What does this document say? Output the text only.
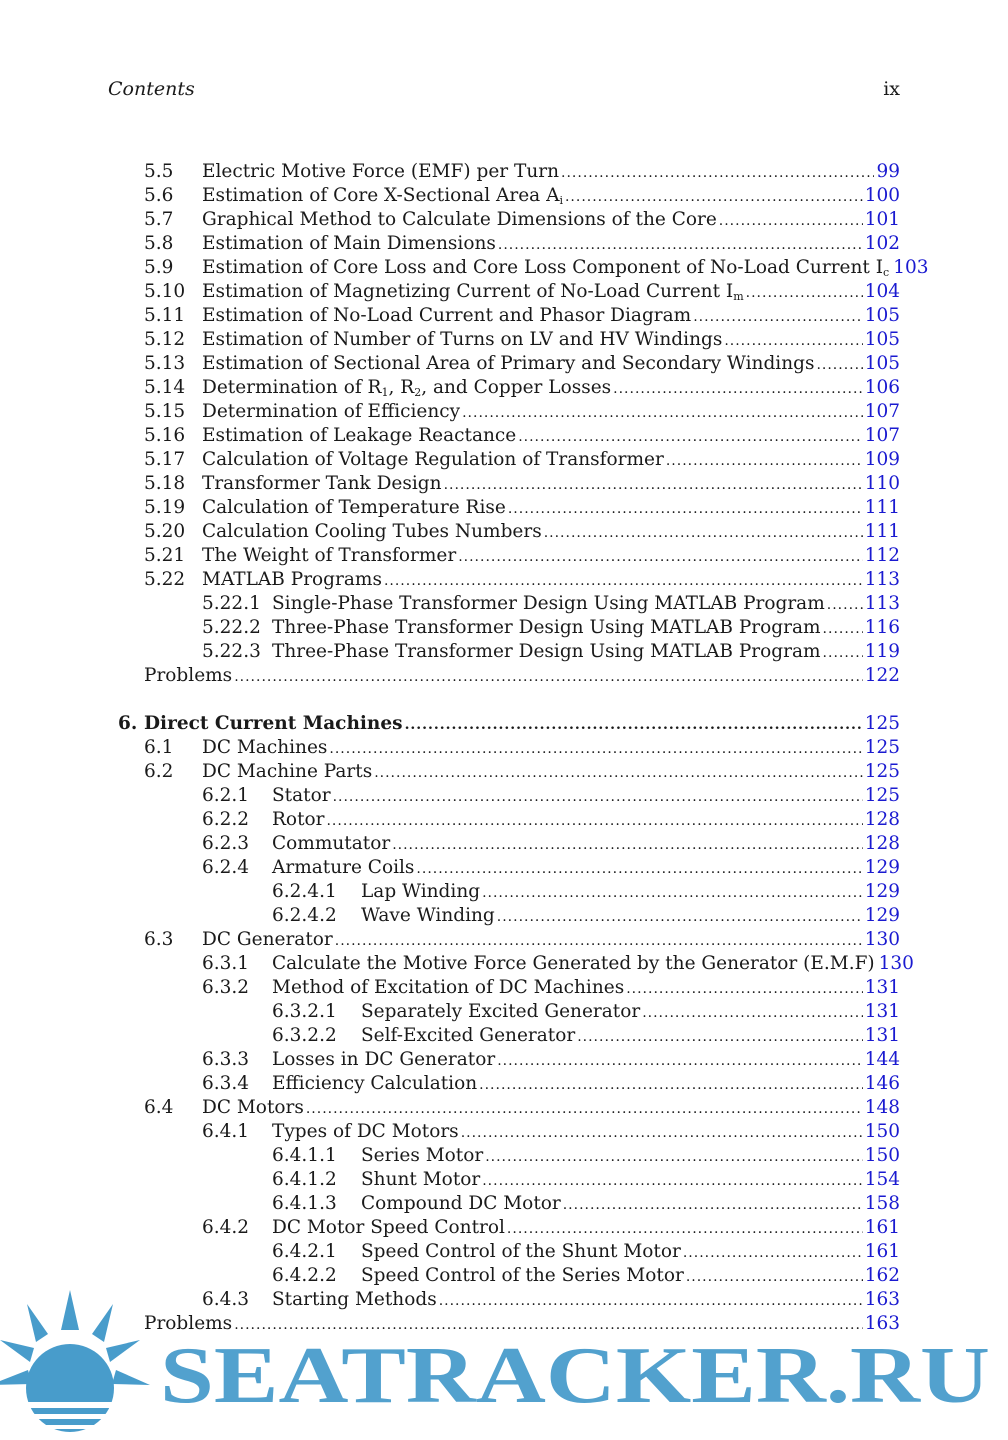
Contents	ix
5.5 Electric Motive Force (EMF) per Turn .....	99
5.6 Estimation of Core X-Sectional Area $A_i$ .....	100
5.7 Graphical Method to Calculate Dimensions of the Core .....	101
5.8 Estimation of Main Dimensions .....	102
5.9 Estimation of Core Loss and Core Loss Component of No-Load Current $I_c$ 103
5.10 Estimation of Magnetizing Current of No-Load Current $I_m$ .....	104
5.11 Estimation of No-Load Current and Phasor Diagram .....	105
5.12 Estimation of Number of Turns on LV and HV Windings .....	105
5.13 Estimation of Sectional Area of Primary and Secondary Windings .....	105
5.14 Determination of $R_1$, $R_2$, and Copper Losses .....	106
5.15 Determination of Efficiency .....	107
5.16 Estimation of Leakage Reactance .....	107
5.17 Calculation of Voltage Regulation of Transformer .....	109
5.18 Transformer Tank Design .....	110
5.19 Calculation of Temperature Rise .....	111
5.20 Calculation Cooling Tubes Numbers .....	111
5.21 The Weight of Transformer .....	112
5.22 MATLAB Programs .....	113
5.22.1 Single-Phase Transformer Design Using MATLAB Program ..... 113
5.22.2 Three-Phase Transformer Design Using MATLAB Program ..... 116
5.22.3 Three-Phase Transformer Design Using MATLAB Program ..... 119
Problems .....	122
6. Direct Current Machines .....	125
6.1 DC Machines .....	125
6.2 DC Machine Parts .....	125
6.2.1 Stator .....	125
6.2.2 Rotor .....	128
6.2.3 Commutator .....	128
6.2.4 Armature Coils .....	129
6.2.4.1 Lap Winding .....	129
6.2.4.2 Wave Winding .....	129
6.3 DC Generator .....	130
6.3.1 Calculate the Motive Force Generated by the Generator (E.M.F) 130
6.3.2 Method of Excitation of DC Machines .....	131
6.3.2.1 Separately Excited Generator .....	131
6.3.2.2 Self-Excited Generator .....	131
6.3.3 Losses in DC Generator .....	144
6.3.4 Efficiency Calculation .....	146
6.4 DC Motors .....	148
6.4.1 Types of DC Motors .....	150
6.4.1.1 Series Motor .....	150
6.4.1.2 Shunt Motor .....	154
6.4.1.3 Compound DC Motor .....	158
6.4.2 DC Motor Speed Control .....	161
6.4.2.1 Speed Control of the Shunt Motor .....	161
6.4.2.2 Speed Control of the Series Motor .....	162
6.4.3 Starting Methods .....	163
Problems .....	163
SEATRACKER.RU
